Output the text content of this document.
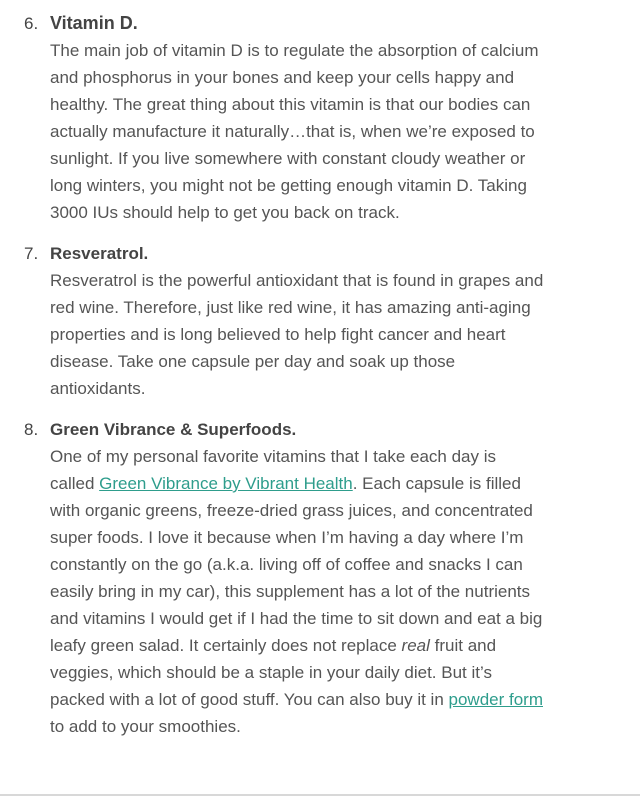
6. Vitamin D.
The main job of vitamin D is to regulate the absorption of calcium and phosphorus in your bones and keep your cells happy and healthy. The great thing about this vitamin is that our bodies can actually manufacture it naturally…that is, when we’re exposed to sunlight. If you live somewhere with constant cloudy weather or long winters, you might not be getting enough vitamin D. Taking 3000 IUs should help to get you back on track.
7. Resveratrol.
Resveratrol is the powerful antioxidant that is found in grapes and red wine. Therefore, just like red wine, it has amazing anti-aging properties and is long believed to help fight cancer and heart disease. Take one capsule per day and soak up those antioxidants.
8. Green Vibrance & Superfoods.
One of my personal favorite vitamins that I take each day is called Green Vibrance by Vibrant Health. Each capsule is filled with organic greens, freeze-dried grass juices, and concentrated super foods. I love it because when I’m having a day where I’m constantly on the go (a.k.a. living off of coffee and snacks I can easily bring in my car), this supplement has a lot of the nutrients and vitamins I would get if I had the time to sit down and eat a big leafy green salad. It certainly does not replace real fruit and veggies, which should be a staple in your daily diet. But it’s packed with a lot of good stuff. You can also buy it in powder form to add to your smoothies.
